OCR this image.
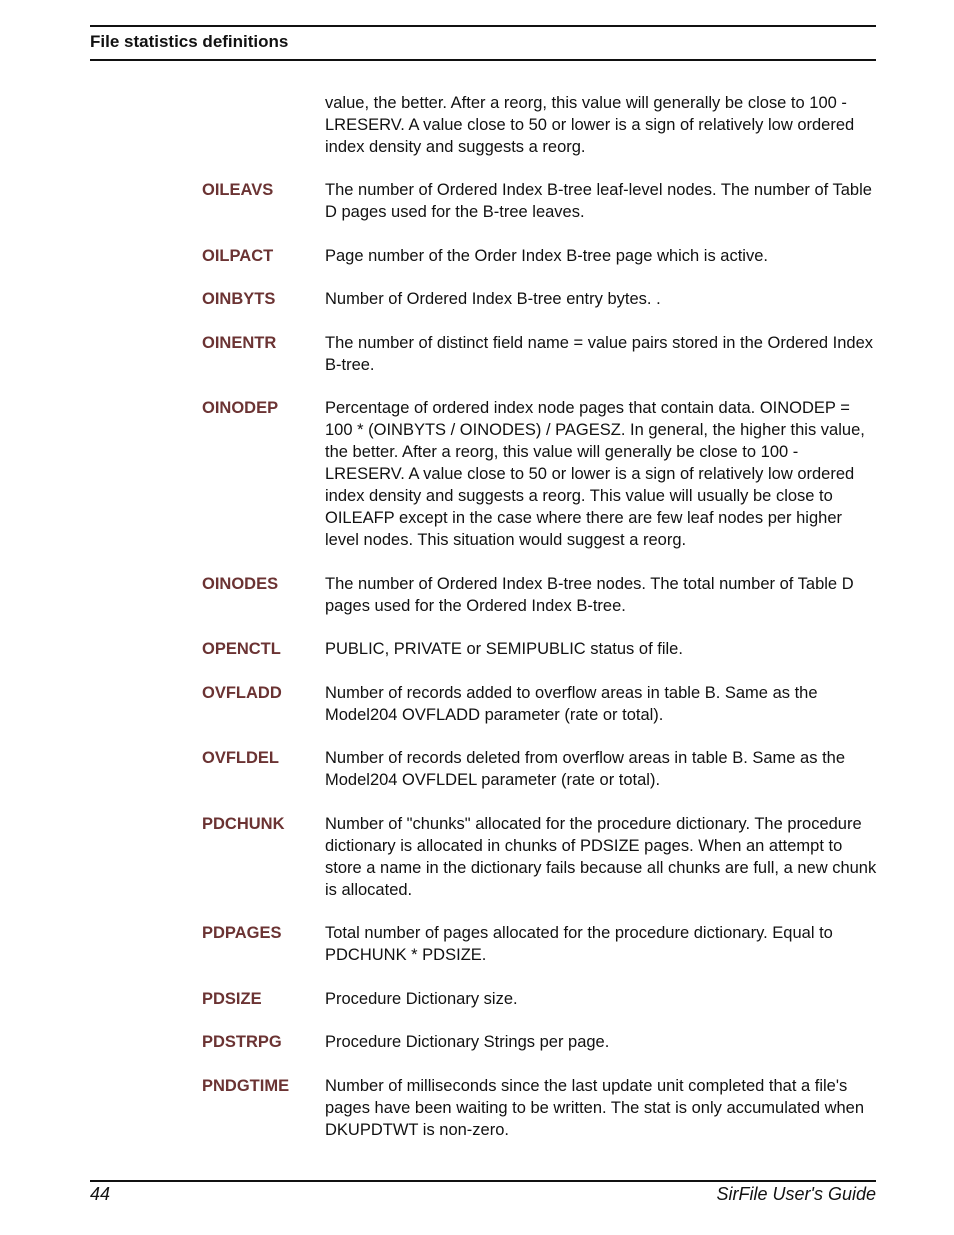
File statistics definitions
value, the better. After a reorg, this value will generally be close to 100 - LRESERV. A value close to 50 or lower is a sign of relatively low ordered index density and suggests a reorg.
OILEAVS	The number of Ordered Index B-tree leaf-level nodes. The number of Table D pages used for the B-tree leaves.
OILPACT	Page number of the Order Index B-tree page which is active.
OINBYTS	Number of Ordered Index B-tree entry bytes. .
OINENTR	The number of distinct field name = value pairs stored in the Ordered Index B-tree.
OINODEP	Percentage of ordered index node pages that contain data. OINODEP = 100 * (OINBYTS / OINODES) / PAGESZ. In general, the higher this value, the better. After a reorg, this value will generally be close to 100 - LRESERV. A value close to 50 or lower is a sign of relatively low ordered index density and suggests a reorg. This value will usually be close to OILEAFP except in the case where there are few leaf nodes per higher level nodes. This situation would suggest a reorg.
OINODES	The number of Ordered Index B-tree nodes. The total number of Table D pages used for the Ordered Index B-tree.
OPENCTL	PUBLIC, PRIVATE or SEMIPUBLIC status of file.
OVFLADD	Number of records added to overflow areas in table B. Same as the Model204 OVFLADD parameter (rate or total).
OVFLDEL	Number of records deleted from overflow areas in table B. Same as the Model204 OVFLDEL parameter (rate or total).
PDCHUNK Number of "chunks" allocated for the procedure dictionary. The procedure dictionary is allocated in chunks of PDSIZE pages. When an attempt to store a name in the dictionary fails because all chunks are full, a new chunk is allocated.
PDPAGES	Total number of pages allocated for the procedure dictionary. Equal to PDCHUNK * PDSIZE.
PDSIZE	Procedure Dictionary size.
PDSTRPG	Procedure Dictionary Strings per page.
PNDGTIME Number of milliseconds since the last update unit completed that a file's pages have been waiting to be written. The stat is only accumulated when DKUPDTWT is non-zero.
44	SirFile User's Guide
